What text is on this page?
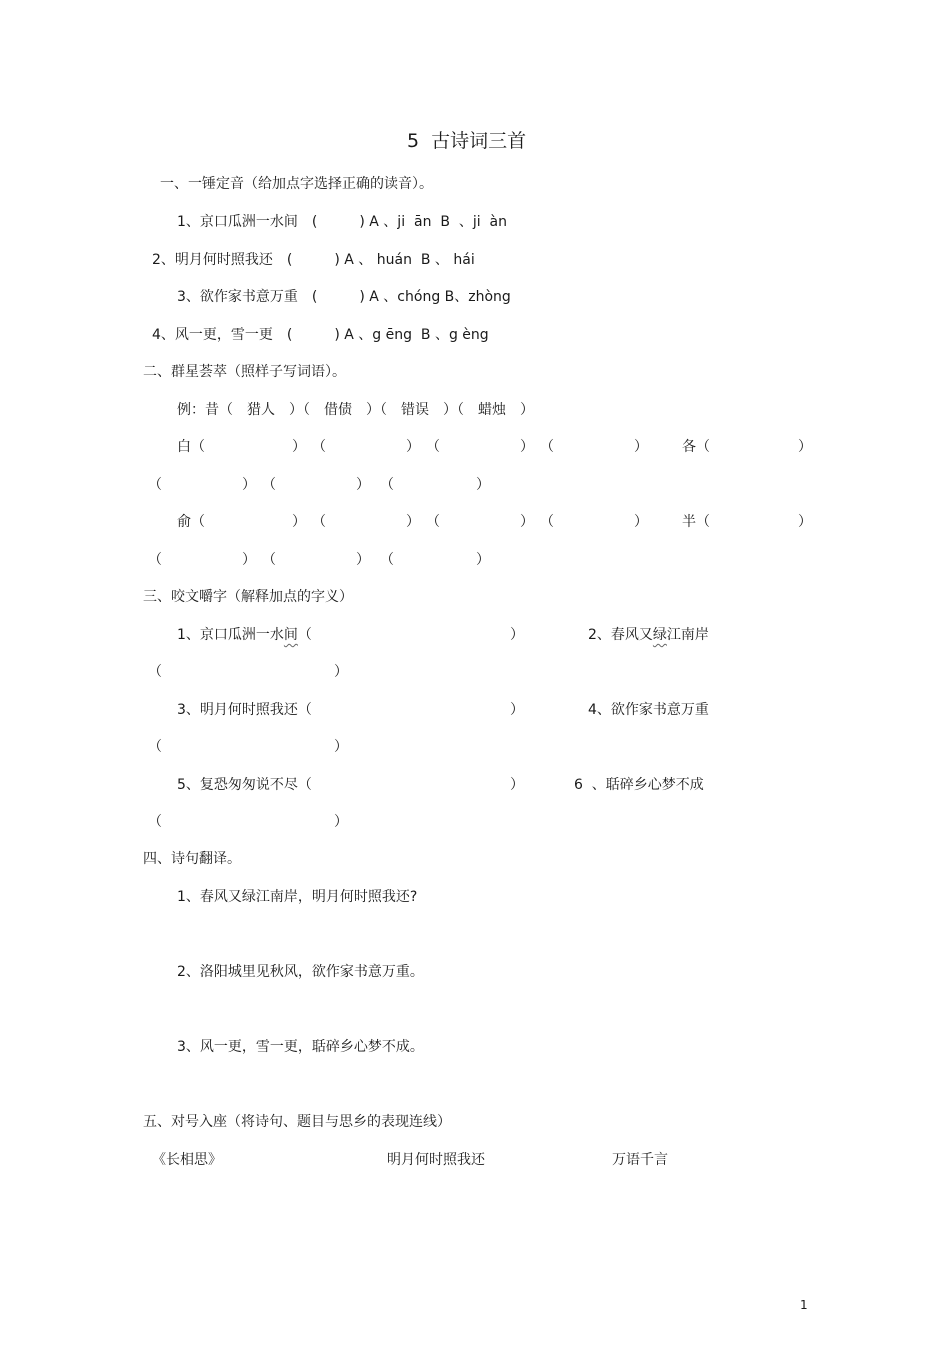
5  古诗词三首
一、一锤定音（给加点字选择正确的读音）。
1、京口瓜洲一水间　(　　　) A 、ji  ān  B  、ji  àn
2、明月何时照我还　(　　　) A 、 huán  B 、 hái
3、欲作家书意万重　(　　　) A 、chóng B、zhòng
4、风一更，雪一更　(　　　) A 、g ēng  B 、g èng
二、群星荟萃（照样子写词语）。
例：昔（　猎人　）（　借债　）（　错误　）（　蜡烛　）
白（	） （	） （	） （	） 各（	）
（	） （	） （	）
俞（	） （	） （	） （	） 半（	）
（	） （	） （	）
三、咬文嚼字（解释加点的字义）
1、京口瓜洲一水间（	）	2、春风又绿江南岸
（	）
3、明月何时照我还（	）	4、欲作家书意万重
（	）
5、复恐匆匆说不尽（	）	6  、聒碎乡心梦不成
（	）
四、诗句翻译。
1、春风又绿江南岸，明月何时照我还?
2、洛阳城里见秋风，欲作家书意万重。
3、风一更，雪一更，聒碎乡心梦不成。
五、对号入座（将诗句、题目与思乡的表现连线）
《长相思》	明月何时照我还	万语千言
1
